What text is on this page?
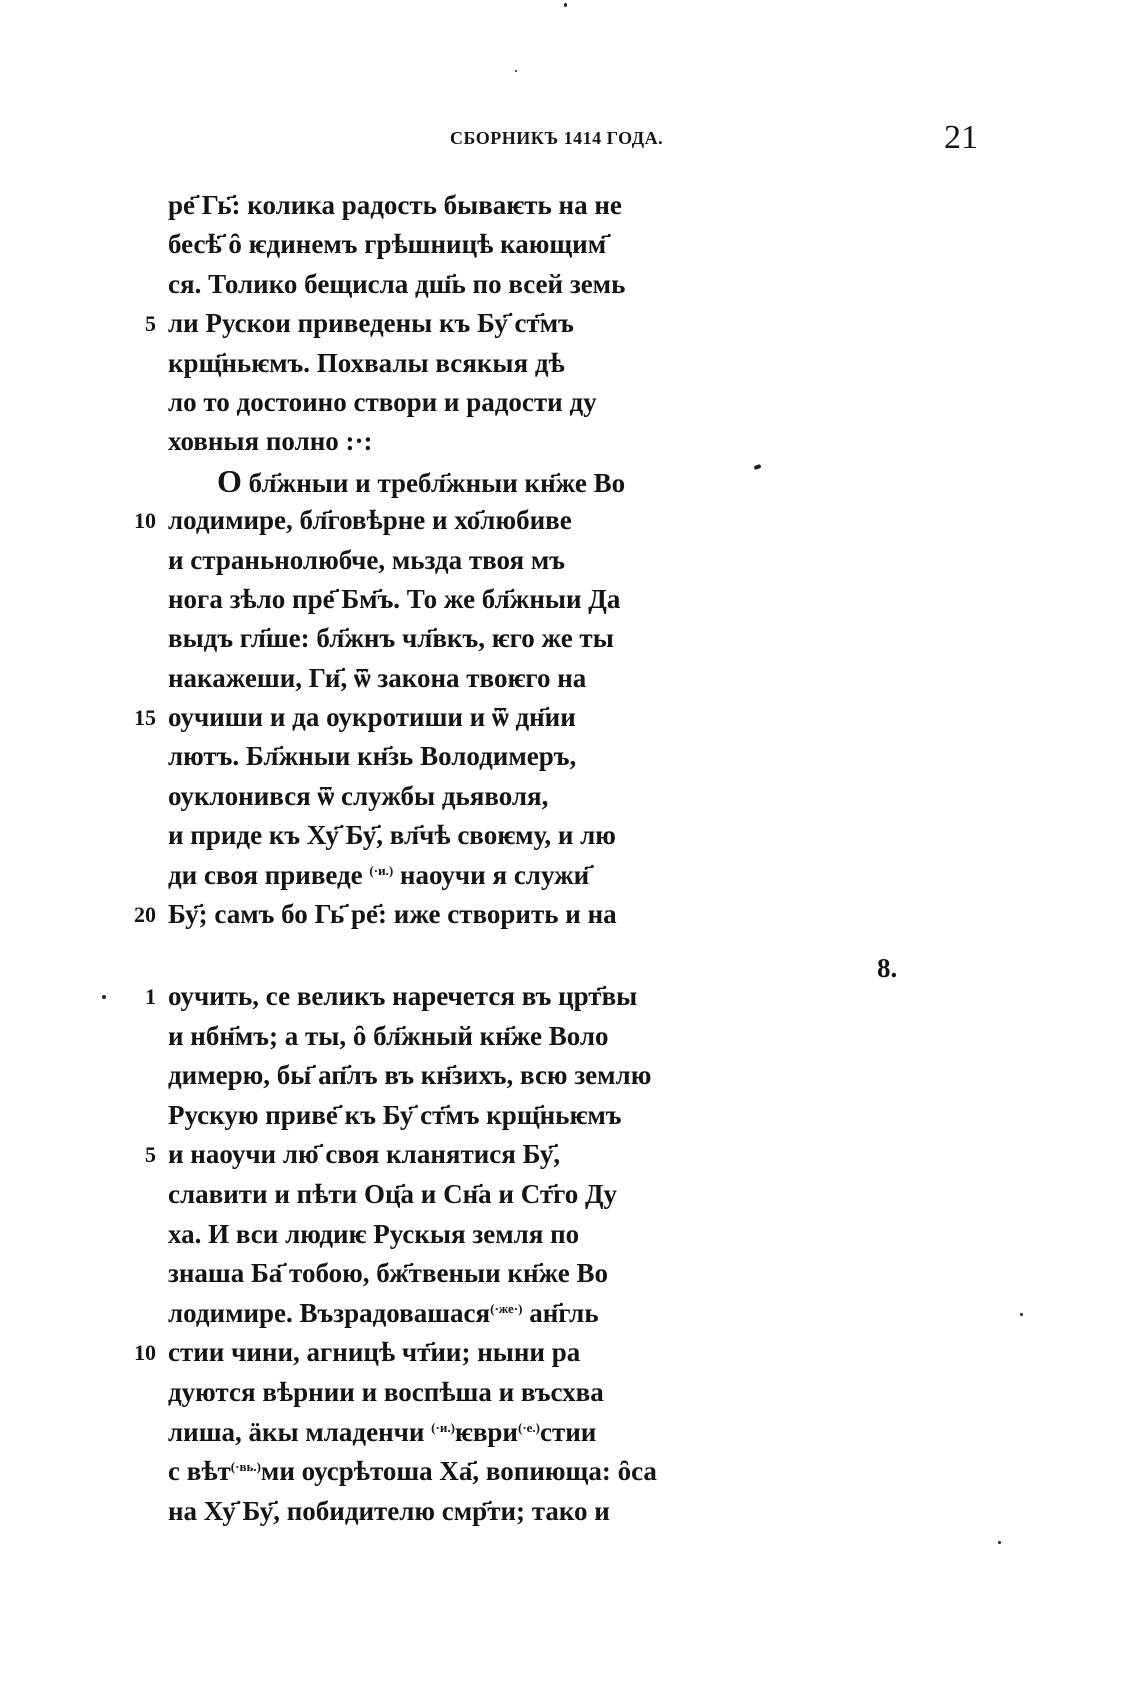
СБОРНИКЪ 1414 ГОДА.	21
ре҃ Гь҃: колика радость бываѥть на не
бесѣ҃ ȏ ѥдинемъ грѣшницѣ кающим҃
ся. Толико бещисла дш҃ь по всей земь
5 ли Рускои приведены къ Бу҃ ст҃мъ
крщ҃ньѥмъ. Похвалы всякыя дѣ
ло то достоино створи и радости ду
ховныя полно :·:
О бл҃жныи и требл҃жныи кн҃же Во
10 лодимире, бл҃говѣрне и хо҃любиве
и страньнолюбче, мьзда твоя мъ
нога зѣло пре҃ Бм҃ъ. То же бл҃жныи Да
выдъ гл҃ше: бл҃жнъ чл҃вкъ, ѥго же ты
накажеши, Ги҃, ѿ закона твоѥго на
15 оучиши и да оукротиши и ѿ дн҃ии
лютъ. Бл҃жныи кн҃зь Володимеръ,
оуклонився ѿ службы дьяволя,
и приде къ Ху҃ Бу҃, вл҃чѣ своѥму, и лю
ди своя приведе $^{(\cdot и.)}$ наоучи я служи҃
20 Бу҃; самъ бо Гь҃ ре҃: иже створить и на
8.
1 оучить, се великъ наречется въ црт҃вы
и нбн҃мъ; а ты, ȏ бл҃жный кн҃же Воло
димерю, бы҃ ап҃лъ въ кн҃зихъ, всю землю
Рускую приве҃ къ Бу҃ ст҃мъ крщ҃ньѥмъ
5 и наоучи лю҃ своя кланятися Бу҃,
славити и пѣти Оц҃а и Сн҃а и Ст҃го Ду
ха. И вси людиѥ Рускыя земля по
знаша Ба҃ тобою, бж҃твеныи кн҃же Во
лодимире. Възрадовашася$^{(\cdot же\cdot)}$ ан҃гль
10 стии чини, агницѣ чт҃ии; ныни ра
дуются вѣрнии и воспѣша и въсхва
лиша, ӓкы младенчи $^{(\cdot и.)}$ѥври$^{(\cdot е.)}$стии
с вѣт$^{(\cdot вь.)}$ми оусрѣтоша Ха҃, вопиюща: ȏса
на Ху҃ Бу҃, побидителю смр҃ти; тако и
